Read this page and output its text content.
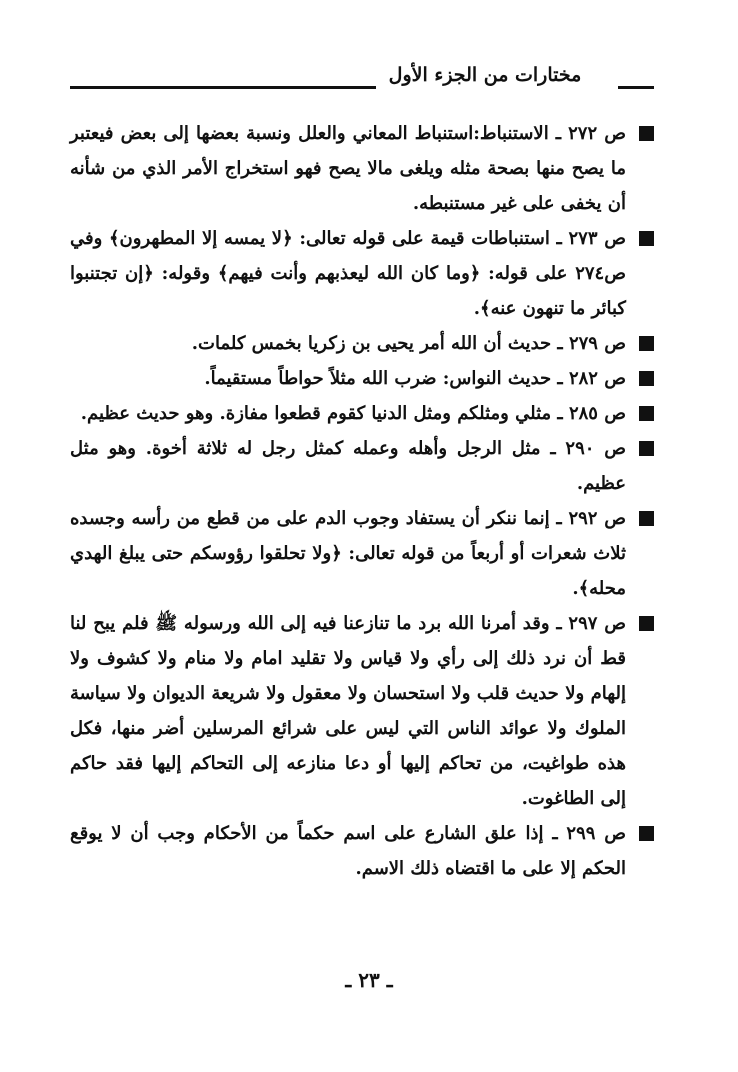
مختارات من الجزء الأول
ص ٢٧٢ ـ الاستنباط:استنباط المعاني والعلل ونسبة بعضها إلى بعض فيعتبر ما يصح منها بصحة مثله ويلغى مالا يصح فهو استخراج الأمر الذي من شأنه أن يخفى على غير مستنبطه.
ص ٢٧٣ ـ استنباطات قيمة على قوله تعالى: ﴿لا يمسه إلا المطهرون﴾ وفي ص٢٧٤ على قوله: ﴿وما كان الله ليعذبهم وأنت فيهم﴾ وقوله: ﴿إن تجتنبوا كبائر ما تنهون عنه﴾.
ص ٢٧٩ ـ حديث أن الله أمر يحيى بن زكريا بخمس كلمات.
ص ٢٨٢ ـ حديث النواس: ضرب الله مثلاً حواطاً مستقيماً.
ص ٢٨٥ ـ مثلي ومثلكم ومثل الدنيا كقوم قطعوا مفازة. وهو حديث عظيم.
ص ٢٩٠ ـ مثل الرجل وأهله وعمله كمثل رجل له ثلاثة أخوة. وهو مثل عظيم.
ص ٢٩٢ ـ إنما ننكر أن يستفاد وجوب الدم على من قطع من رأسه وجسده ثلاث شعرات أو أربعاً من قوله تعالى: ﴿ولا تحلقوا رؤوسكم حتى يبلغ الهدي محله﴾.
ص ٢٩٧ ـ وقد أمرنا الله برد ما تنازعنا فيه إلى الله ورسوله ﷺ فلم يبح لنا قط أن نرد ذلك إلى رأي ولا قياس ولا تقليد امام ولا منام ولا كشوف ولا إلهام ولا حديث قلب ولا استحسان ولا معقول ولا شريعة الديوان ولا سياسة الملوك ولا عوائد الناس التي ليس على شرائع المرسلين أضر منها، فكل هذه طواغيت، من تحاكم إليها أو دعا منازعه إلى التحاكم إليها فقد حاكم إلى الطاغوت.
ص ٢٩٩ ـ إذا علق الشارع على اسم حكماً من الأحكام وجب أن لا يوقع الحكم إلا على ما اقتضاه ذلك الاسم.
ـ ٢٣ ـ
